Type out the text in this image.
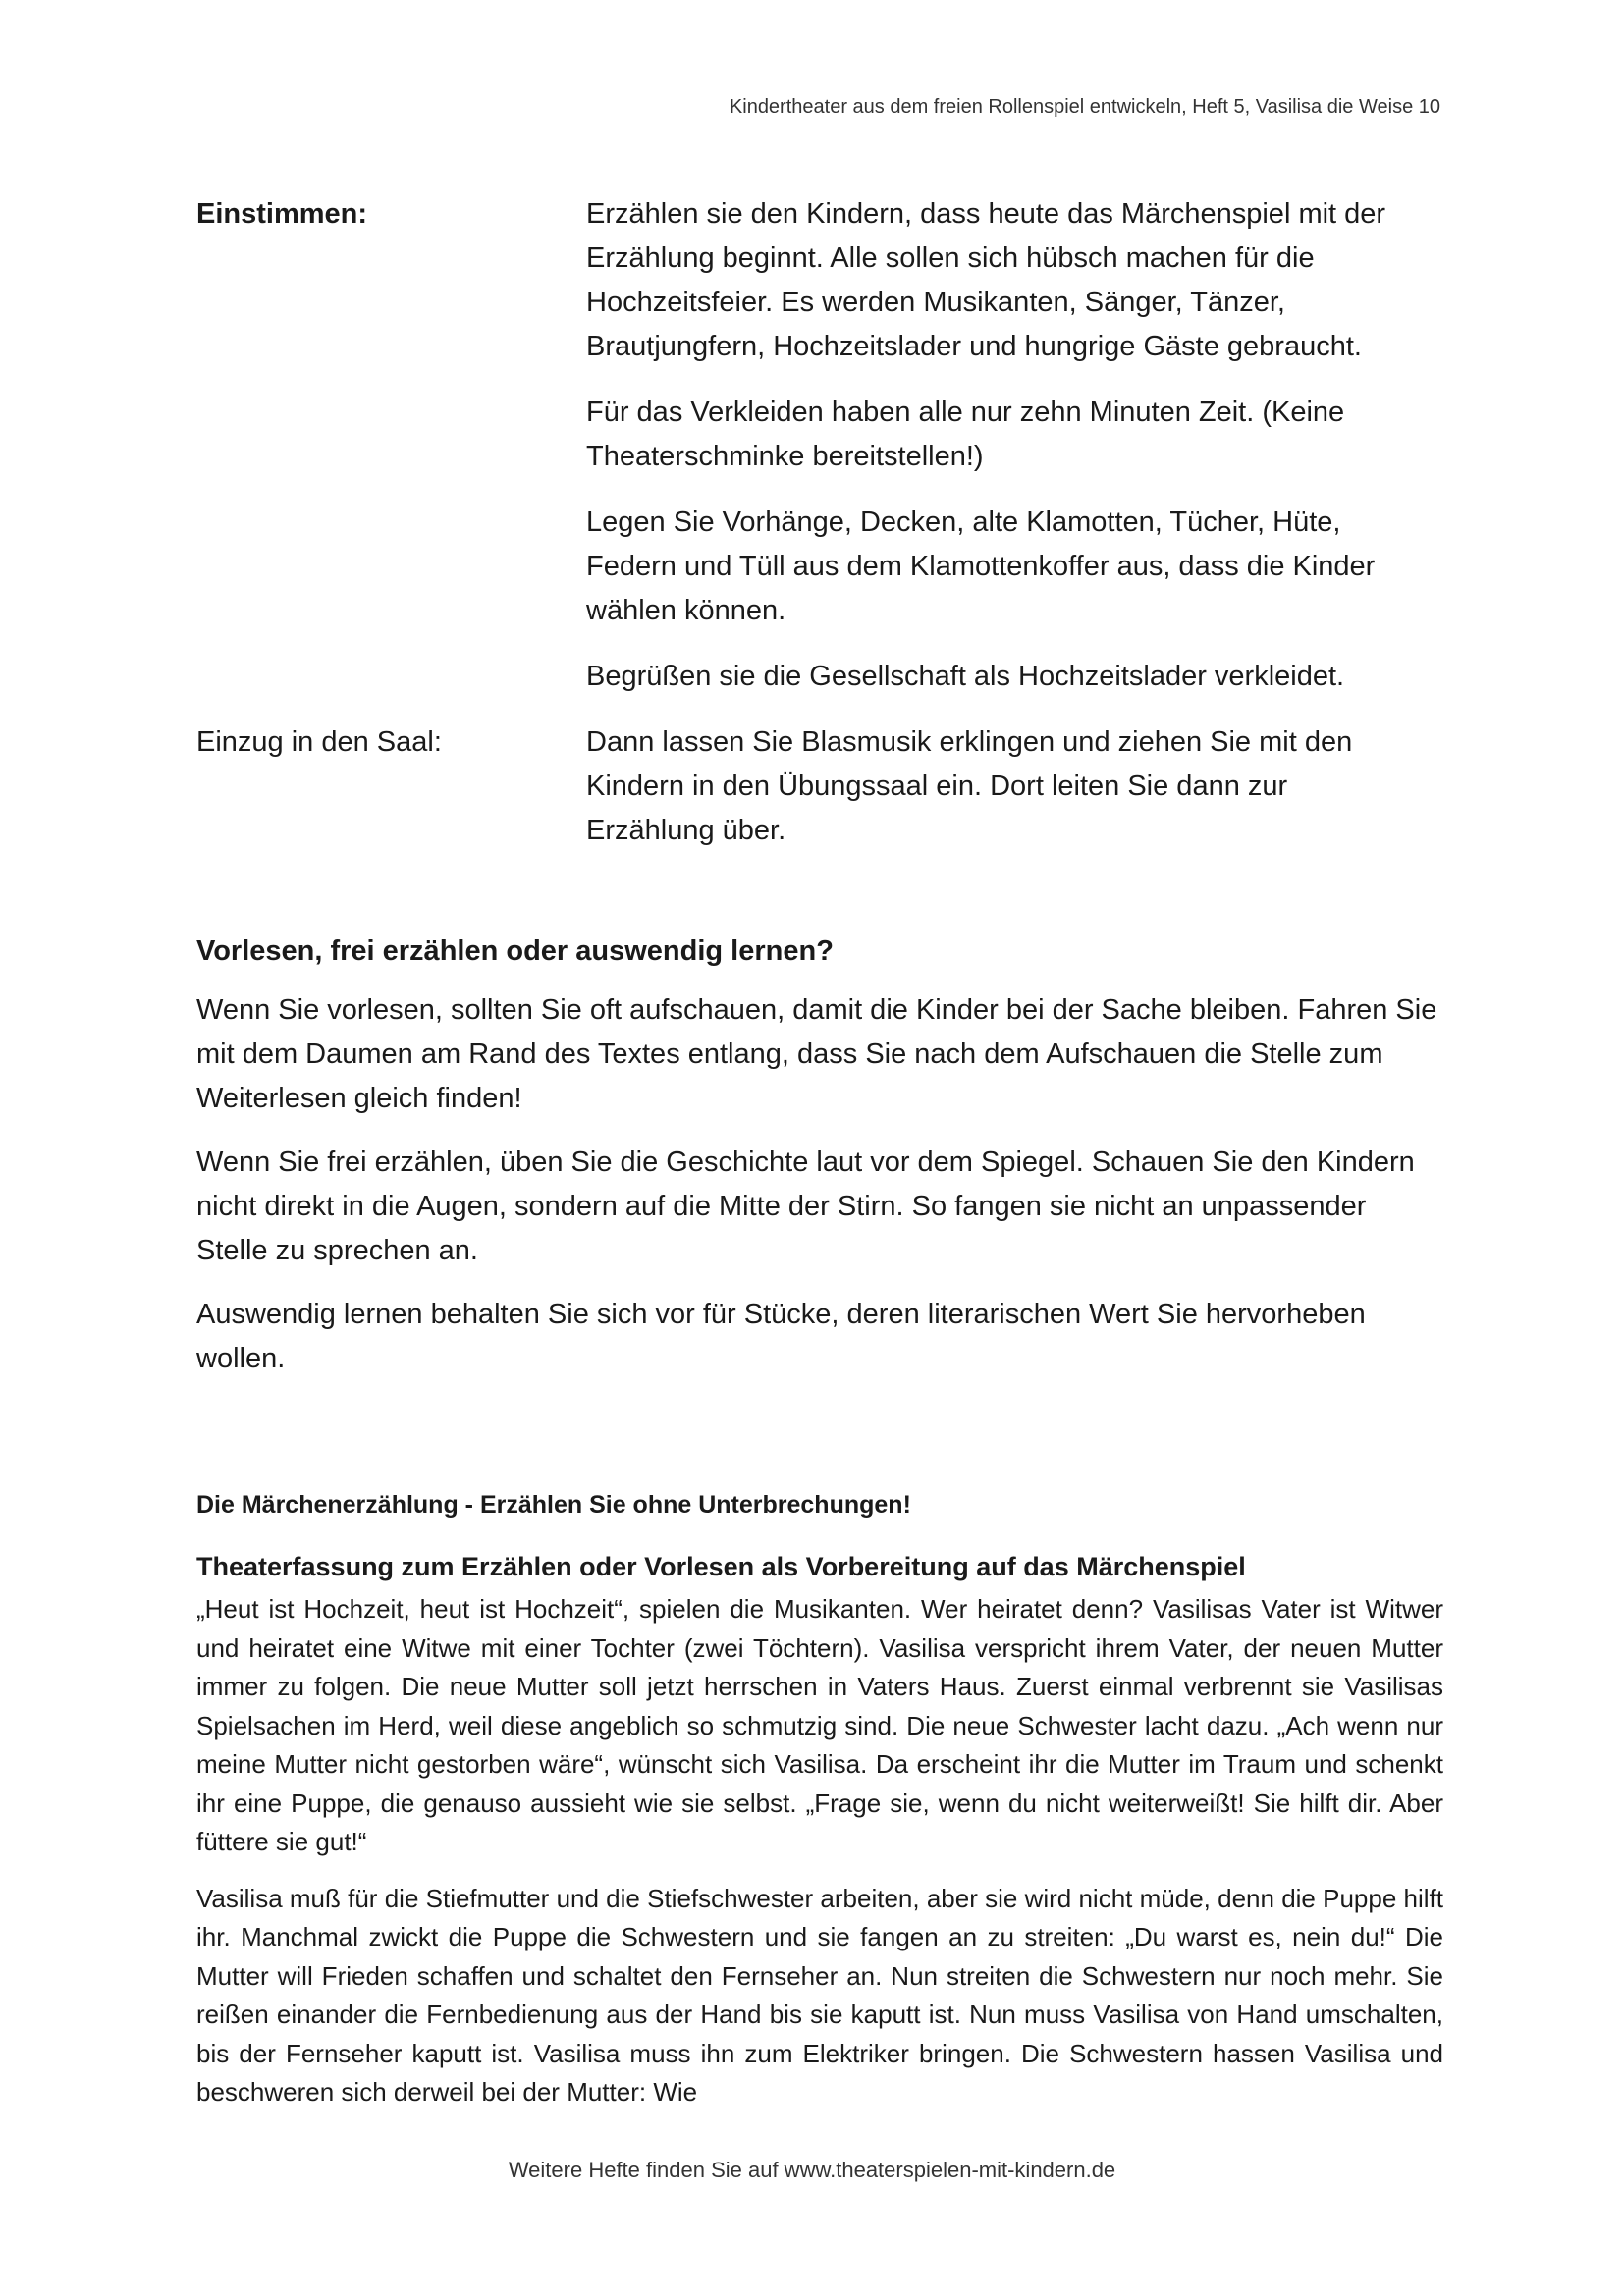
Kindertheater aus dem freien Rollenspiel entwickeln, Heft 5, Vasilisa die Weise 10
Einstimmen:	Erzählen sie den Kindern, dass heute das Märchenspiel mit der Erzählung beginnt. Alle sollen sich hübsch machen für die Hochzeitsfeier. Es werden Musikanten, Sänger, Tänzer, Brautjungfern, Hochzeitslader und hungrige Gäste gebraucht.

Für das Verkleiden haben alle nur zehn Minuten Zeit. (Keine Theaterschminke bereitstellen!)

Legen Sie Vorhänge, Decken, alte Klamotten, Tücher, Hüte, Federn und Tüll aus dem Klamottenkoffer aus, dass die Kinder wählen können.

Begrüßen sie die Gesellschaft als Hochzeitslader verkleidet.

Einzug in den Saal:	Dann lassen Sie Blasmusik erklingen und ziehen Sie mit den Kindern in den Übungssaal ein. Dort leiten Sie dann zur Erzählung über.

Vorlesen, frei erzählen oder auswendig lernen?

Wenn Sie vorlesen, sollten Sie oft aufschauen, damit die Kinder bei der Sache bleiben. Fahren Sie mit dem Daumen am Rand des Textes entlang, dass Sie nach dem Aufschauen die Stelle zum Weiterlesen gleich finden!

Wenn Sie frei erzählen, üben Sie die Geschichte laut vor dem Spiegel. Schauen Sie den Kindern nicht direkt in die Augen, sondern auf die Mitte der Stirn. So fangen sie nicht an unpassender Stelle zu sprechen an.

Auswendig lernen behalten Sie sich vor für Stücke, deren literarischen Wert Sie hervorheben wollen.

Die Märchenerzählung - Erzählen Sie ohne Unterbrechungen!
Theaterfassung zum Erzählen oder Vorlesen als Vorbereitung auf das Märchenspiel

„Heut ist Hochzeit, heut ist Hochzeit“, spielen die Musikanten. Wer heiratet denn? Vasilisas Vater ist Witwer und heiratet eine Witwe mit einer Tochter (zwei Töchtern). Vasilisa verspricht ihrem Vater, der neuen Mutter immer zu folgen. Die neue Mutter soll jetzt herrschen in Vaters Haus. Zuerst einmal verbrennt sie Vasilisas Spielsachen im Herd, weil diese angeblich so schmutzig sind. Die neue Schwester lacht dazu. „Ach wenn nur meine Mutter nicht gestorben wäre“, wünscht sich Vasilisa. Da erscheint ihr die Mutter im Traum und schenkt ihr eine Puppe, die genauso aussieht wie sie selbst. „Frage sie, wenn du nicht weiterweißt! Sie hilft dir. Aber füttere sie gut!“

Vasilisa muß für die Stiefmutter und die Stiefschwester arbeiten, aber sie wird nicht müde, denn die Puppe hilft ihr. Manchmal zwickt die Puppe die Schwestern und sie fangen an zu streiten: „Du warst es, nein du!“ Die Mutter will Frieden schaffen und schaltet den Fernseher an. Nun streiten die Schwestern nur noch mehr. Sie reißen einander die Fernbedienung aus der Hand bis sie kaputt ist. Nun muss Vasilisa von Hand umschalten, bis der Fernseher kaputt ist. Vasilisa muss ihn zum Elektriker bringen. Die Schwestern hassen Vasilisa und beschweren sich derweil bei der Mutter: Wie

Weitere Hefte finden Sie auf www.theaterspielen-mit-kindern.de
